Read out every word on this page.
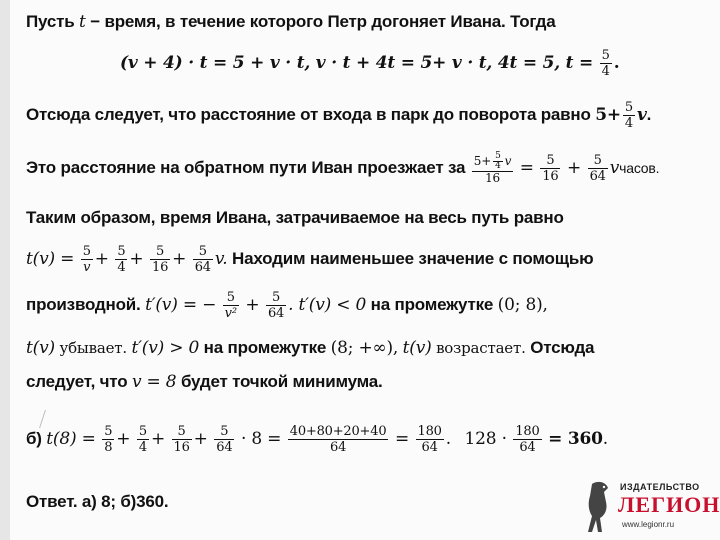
Пусть t − время, в течение которого Петр догоняет Ивана. Тогда
(v + 4) · t = 5 + v · t, v · t + 4t = 5+ v · t, 4t = 5, $t = \frac{5}{4}$ .
Отсюда следует, что расстояние от входа в парк до поворота равно $5+ \frac{5}{4} v$.
Это расстояние на обратном пути Иван проезжает за $\frac{5+ \frac{5}{4} v}{16} = \frac{5}{16} + \frac{5}{64}$ vчасов.
Таким образом, время Ивана, затрачиваемое на весь путь равно
$t(v) = \frac{5}{v} + \frac{5}{4} + \frac{5}{16} + \frac{5}{64} v$. Находим наименьшее значение с помощью
производной. t′(v) = − $\frac{5}{\text{v²}} + \frac{5}{64}$ . t′(v) < 0 на промежутке (0; 8),
t(v) убывает. t′(v) > 0 на промежутке (8; +∞), t(v) возрастает. Отсюда
следует, что v = 8 будет точкой минимума.
б) $t(8) = \frac{5}{8} + \frac{5}{4} + \frac{5}{16} + \frac{5}{64} \cdot 8 = \frac{40+80+20+40}{64} = \frac{180}{64}$ . $128 \cdot \frac{180}{64} = 360$.
Ответ. а) 8; б)360.
ИЗДАТЕЛЬСТВО
ЛЕГИОН
www.legionr.ru
